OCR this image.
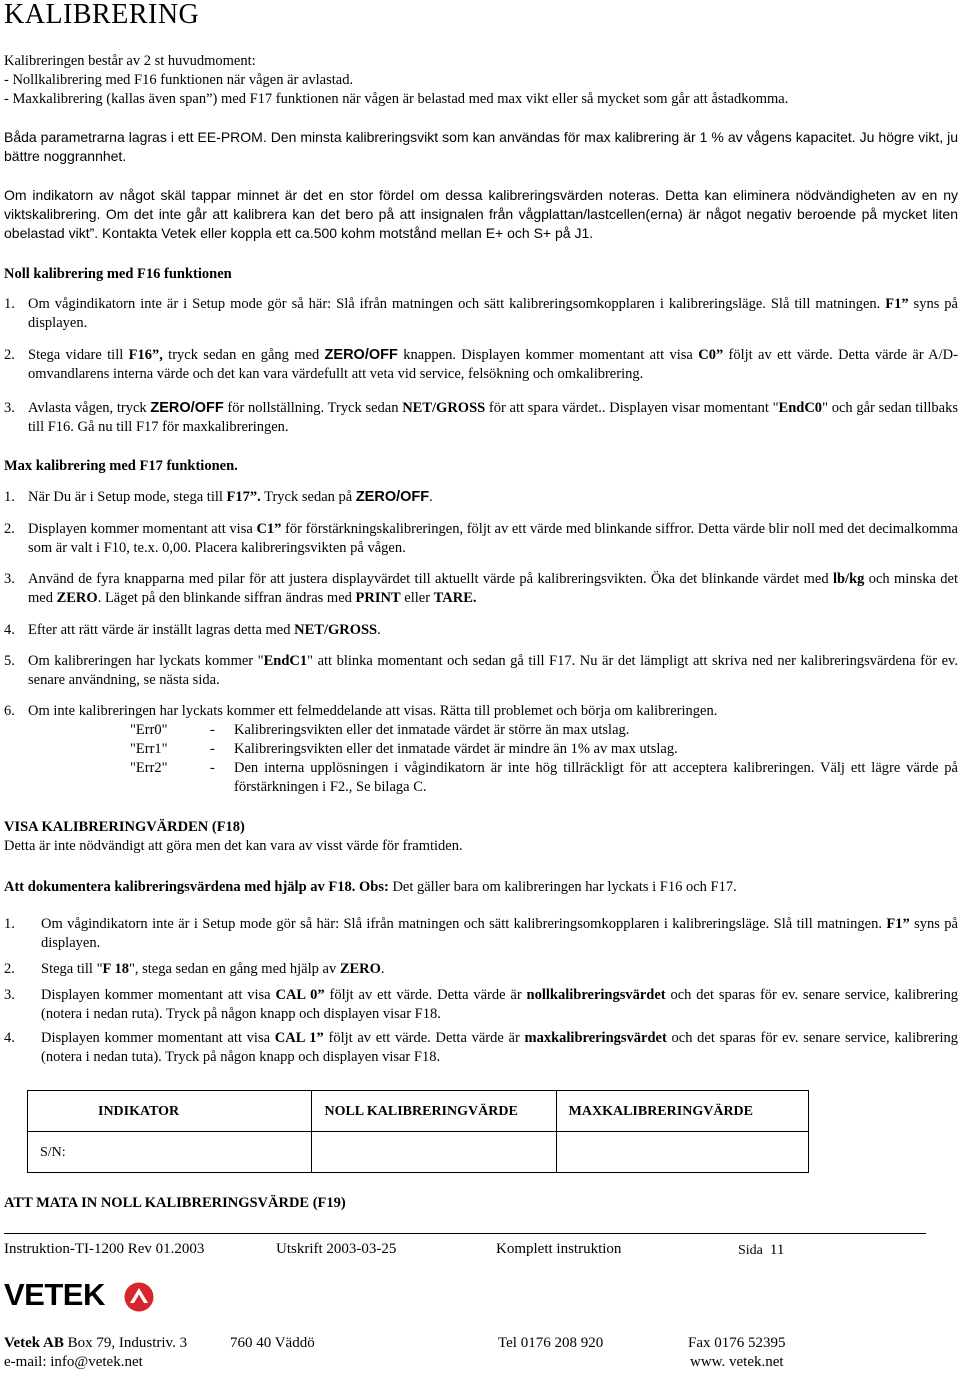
KALIBRERING
Kalibreringen består av 2 st huvudmoment:
- Nollkalibrering med F16 funktionen när vågen är avlastad.
- Maxkalibrering (kallas även span”) med F17 funktionen när vågen är belastad med max vikt eller så mycket som går att åstadkomma.
Båda parametrarna lagras i ett EE-PROM. Den minsta kalibreringsvikt som kan användas för max kalibrering är 1 % av vågens kapacitet. Ju högre vikt, ju bättre noggrannhet.
Om indikatorn av något skäl tappar minnet är det en stor fördel om dessa kalibreringsvärden noteras. Detta kan eliminera nödvändigheten av en ny viktskalibrering. Om det inte går att kalibrera kan det bero på att insignalen från vågplattan/lastcellen(erna) är något negativ beroende på mycket liten obelastad vikt”. Kontakta Vetek eller koppla ett ca.500 kohm motstånd mellan E+ och S+ på J1.
Noll kalibrering med F16 funktionen
1. Om vågindikatorn inte är i Setup mode gör så här: Slå ifrån matningen och sätt kalibreringsomkopplaren i kalibreringsläge. Slå till matningen. F1” syns på displayen.
2. Stega vidare till F16”, tryck sedan en gång med ZERO/OFF knappen. Displayen kommer momentant att visa C0” följt av ett värde. Detta värde är A/D-omvandlarens interna värde och det kan vara värdefullt att veta vid service, felsökning och omkalibrering.
3. Avlasta vågen, tryck ZERO/OFF för nollställning. Tryck sedan NET/GROSS för att spara värdet.. Displayen visar momentant "EndC0" och går sedan tillbaks till F16. Gå nu till F17 för maxkalibreringen.
Max kalibrering med F17 funktionen.
1. När Du är i Setup mode, stega till F17”. Tryck sedan på ZERO/OFF.
2. Displayen kommer momentant att visa C1” för förstärkningskalibreringen, följt av ett värde med blinkande siffror. Detta värde blir noll med det decimalkomma som är valt i F10, te.x. 0,00. Placera kalibreringsvikten på vågen.
3. Använd de fyra knapparna med pilar för att justera displayvärdet till aktuellt värde på kalibreringsvikten. Öka det blinkande värdet med lb/kg och minska det med ZERO. Läget på den blinkande siffran ändras med PRINT eller TARE.
4. Efter att rätt värde är inställt lagras detta med NET/GROSS.
5. Om kalibreringen har lyckats kommer "EndC1" att blinka momentant och sedan gå till F17. Nu är det lämpligt att skriva ned ner kalibreringsvärdena för ev. senare användning, se nästa sida.
6. Om inte kalibreringen har lyckats kommer ett felmeddelande att visas. Rätta till problemet och börja om kalibreringen.
"Err0"	-	Kalibreringsvikten eller det inmatade värdet är större än max utslag.
"Err1"	-	Kalibreringsvikten eller det inmatade värdet är mindre än 1% av max utslag.
"Err2"	-	Den interna upplösningen i vågindikatorn är inte hög tillräckligt för att acceptera kalibreringen. Välj ett lägre värde på förstärkningen i F2., Se bilaga C.
VISA KALIBRERINGVÄRDEN (F18)
Detta är inte nödvändigt att göra men det kan vara av visst värde för framtiden.
Att dokumentera kalibreringsvärdena med hjälp av F18. Obs: Det gäller bara om kalibreringen har lyckats i F16 och F17.
1.	Om vågindikatorn inte är i Setup mode gör så här: Slå ifrån matningen och sätt kalibreringsomkopplaren i kalibreringsläge. Slå till matningen. F1” syns på displayen.
2.	Stega till "F 18", stega sedan en gång med hjälp av ZERO.
3.	Displayen kommer momentant att visa CAL 0” följt av ett värde. Detta värde är nollkalibreringsvärdet och det sparas för ev. senare service, kalibrering (notera i nedan ruta). Tryck på någon knapp och displayen visar F18.
4.	Displayen kommer momentant att visa CAL 1” följt av ett värde. Detta värde är maxkalibreringsvärdet och det sparas för ev. senare service, kalibrering (notera i nedan tuta). Tryck på någon knapp och displayen visar F18.
INDIKATOR	NOLL KALIBRERINGVÄRDE	MAXKALIBRERINGVÄRDE
S/N:		
ATT MATA IN NOLL KALIBRERINGSVÄRDE (F19)
Instruktion-TI-1200 Rev 01.2003	Utskrift 2003-03-25	Komplett instruktion	Sida 11
VETEK
Vetek AB Box 79, Industriv. 3	760 40 Väddö	Tel 0176 208 920	Fax 0176 52395
e-mail: info@vetek.net	www. vetek.net
